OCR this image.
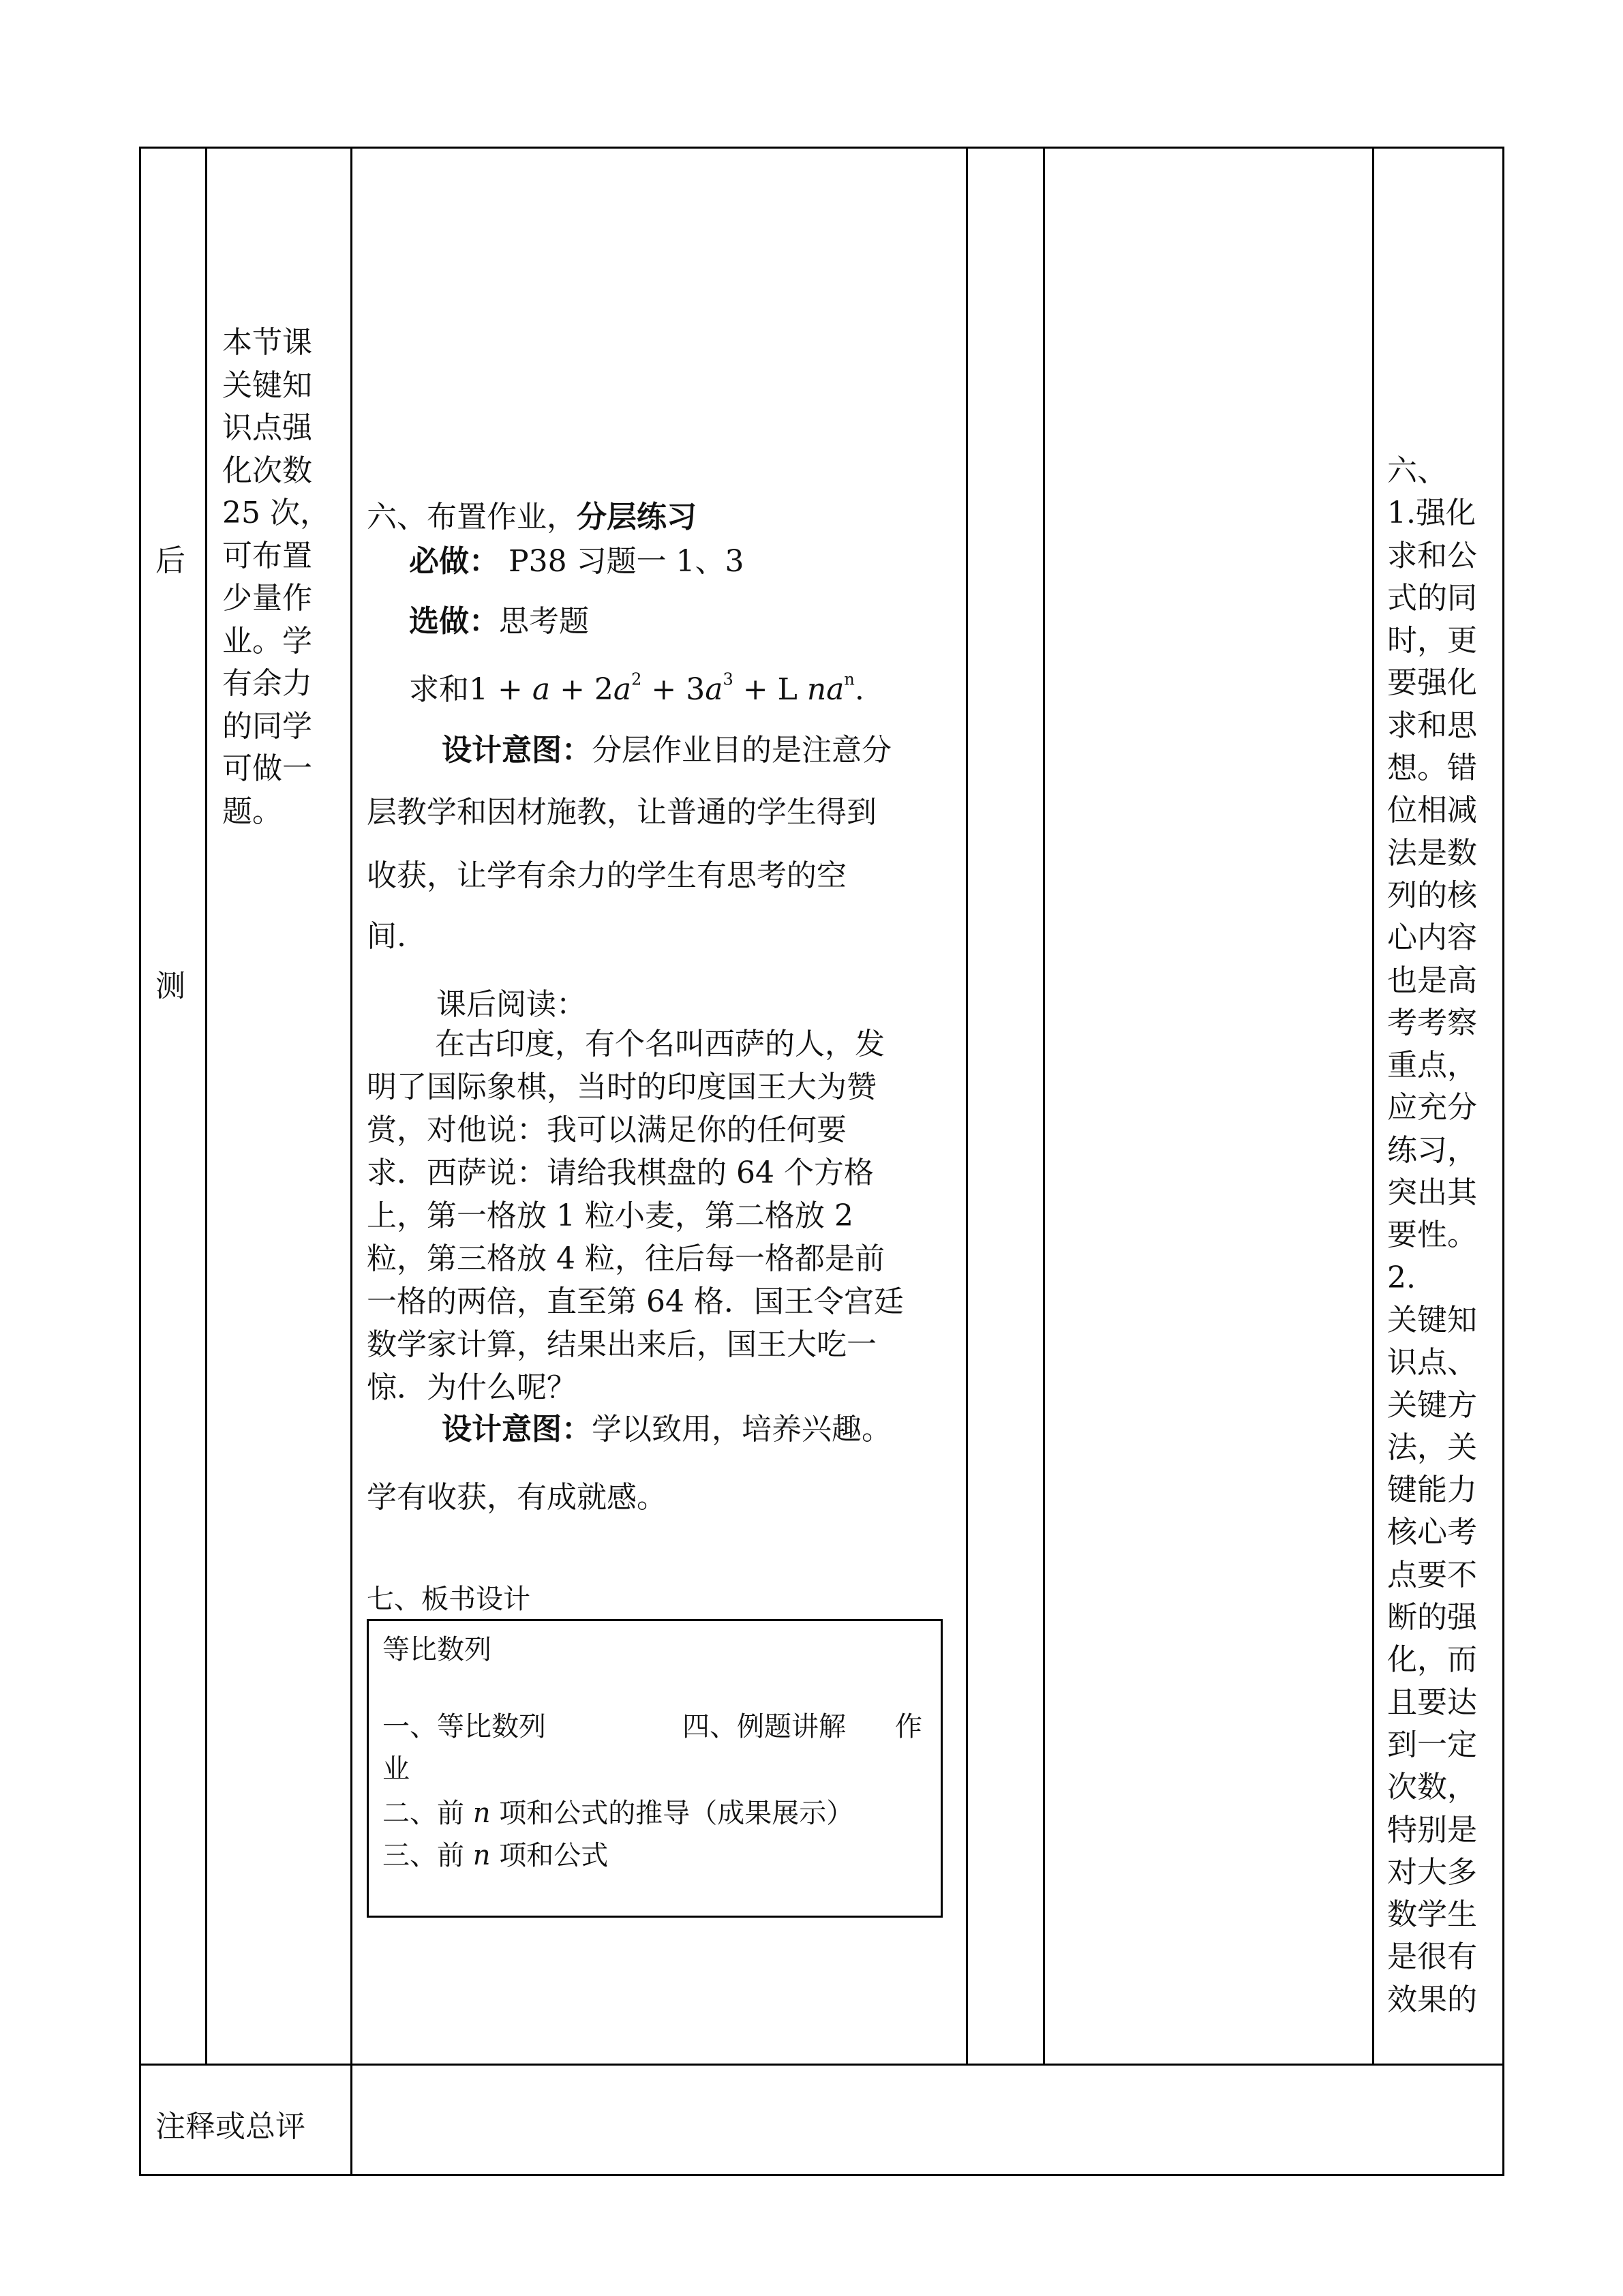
后
测
本节课
关键知
识点强
化次数
25 次，
可布置
少量作
业。学
有余力
的同学
可做一
题。
六、布置作业，分层练习
必做： P38 习题一 1、3
选做：思考题
求和$1 + a + 2a^2 + 3a^3 + L$ $na^n$.
设计意图：分层作业目的是注意分
层教学和因材施教，让普通的学生得到
收获，让学有余力的学生有思考的空
间.
课后阅读：
在古印度，有个名叫西萨的人，发
明了国际象棋，当时的印度国王大为赞
赏，对他说：我可以满足你的任何要
求．西萨说：请给我棋盘的 64 个方格
上，第一格放 1 粒小麦，第二格放 2
粒，第三格放 4 粒，往后每一格都是前
一格的两倍，直至第 64 格．国王令宫廷
数学家计算，结果出来后，国王大吃一
惊．为什么呢？
设计意图：学以致用，培养兴趣。
学有收获，有成就感。
七、板书设计
等比数列
一、等比数列	四、例题讲解 作
业
二、前 n 项和公式的推导（成果展示）
三、前 n 项和公式
六、
1.强化
求和公
式的同
时，更
要强化
求和思
想。错
位相减
法是数
列的核
心内容
也是高
考考察
重点，
应充分
练习，
突出其
要性。
2.
关键知
识点、
关键方
法，关
键能力
核心考
点要不
断的强
化，而
且要达
到一定
次数，
特别是
对大多
数学生
是很有
效果的
注释或总评
